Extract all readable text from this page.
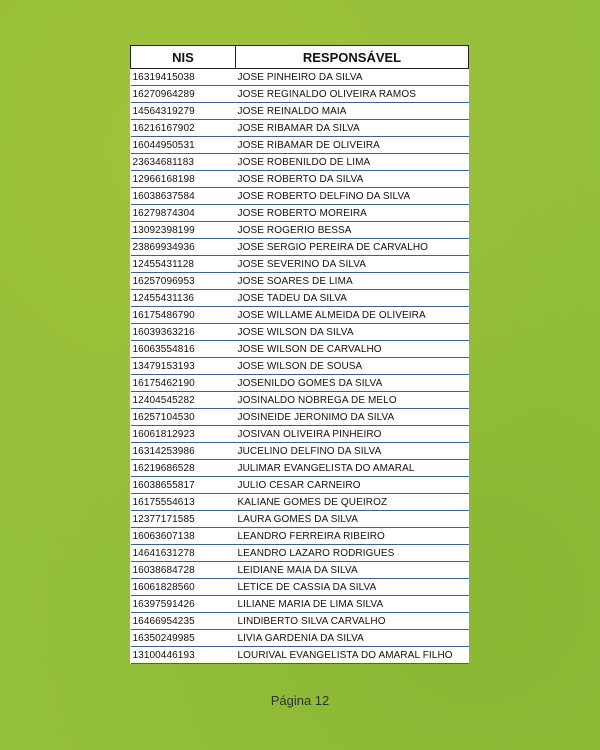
NIS	RESPONSÁVEL
16319415038	JOSE PINHEIRO DA SILVA
16270964289	JOSE REGINALDO OLIVEIRA RAMOS
14564319279	JOSE REINALDO MAIA
16216167902	JOSE RIBAMAR DA SILVA
16044950531	JOSE RIBAMAR DE OLIVEIRA
23634681183	JOSE ROBENILDO DE LIMA
12966168198	JOSE ROBERTO DA SILVA
16038637584	JOSE ROBERTO DELFINO DA SILVA
16279874304	JOSE ROBERTO MOREIRA
13092398199	JOSE ROGERIO BESSA
23869934936	JOSE SERGIO PEREIRA DE CARVALHO
12455431128	JOSE SEVERINO DA SILVA
16257096953	JOSE SOARES DE LIMA
12455431136	JOSE TADEU DA SILVA
16175486790	JOSE WILLAME ALMEIDA DE OLIVEIRA
16039363216	JOSE WILSON DA SILVA
16063554816	JOSE WILSON DE CARVALHO
13479153193	JOSE WILSON DE SOUSA
16175462190	JOSENILDO GOMES DA SILVA
12404545282	JOSINALDO NOBREGA DE MELO
16257104530	JOSINEIDE JERONIMO DA SILVA
16061812923	JOSIVAN OLIVEIRA PINHEIRO
16314253986	JUCELINO DELFINO DA SILVA
16219686528	JULIMAR EVANGELISTA DO AMARAL
16038655817	JULIO CESAR CARNEIRO
16175554613	KALIANE GOMES DE QUEIROZ
12377171585	LAURA GOMES DA SILVA
16063607138	LEANDRO FERREIRA RIBEIRO
14641631278	LEANDRO LAZARO RODRIGUES
16038684728	LEIDIANE MAIA DA SILVA
16061828560	LETICE DE CASSIA DA SILVA
16397591426	LILIANE MARIA DE LIMA SILVA
16466954235	LINDIBERTO SILVA CARVALHO
16350249985	LIVIA GARDENIA DA SILVA
13100446193	LOURIVAL EVANGELISTA DO AMARAL FILHO
Página 12
